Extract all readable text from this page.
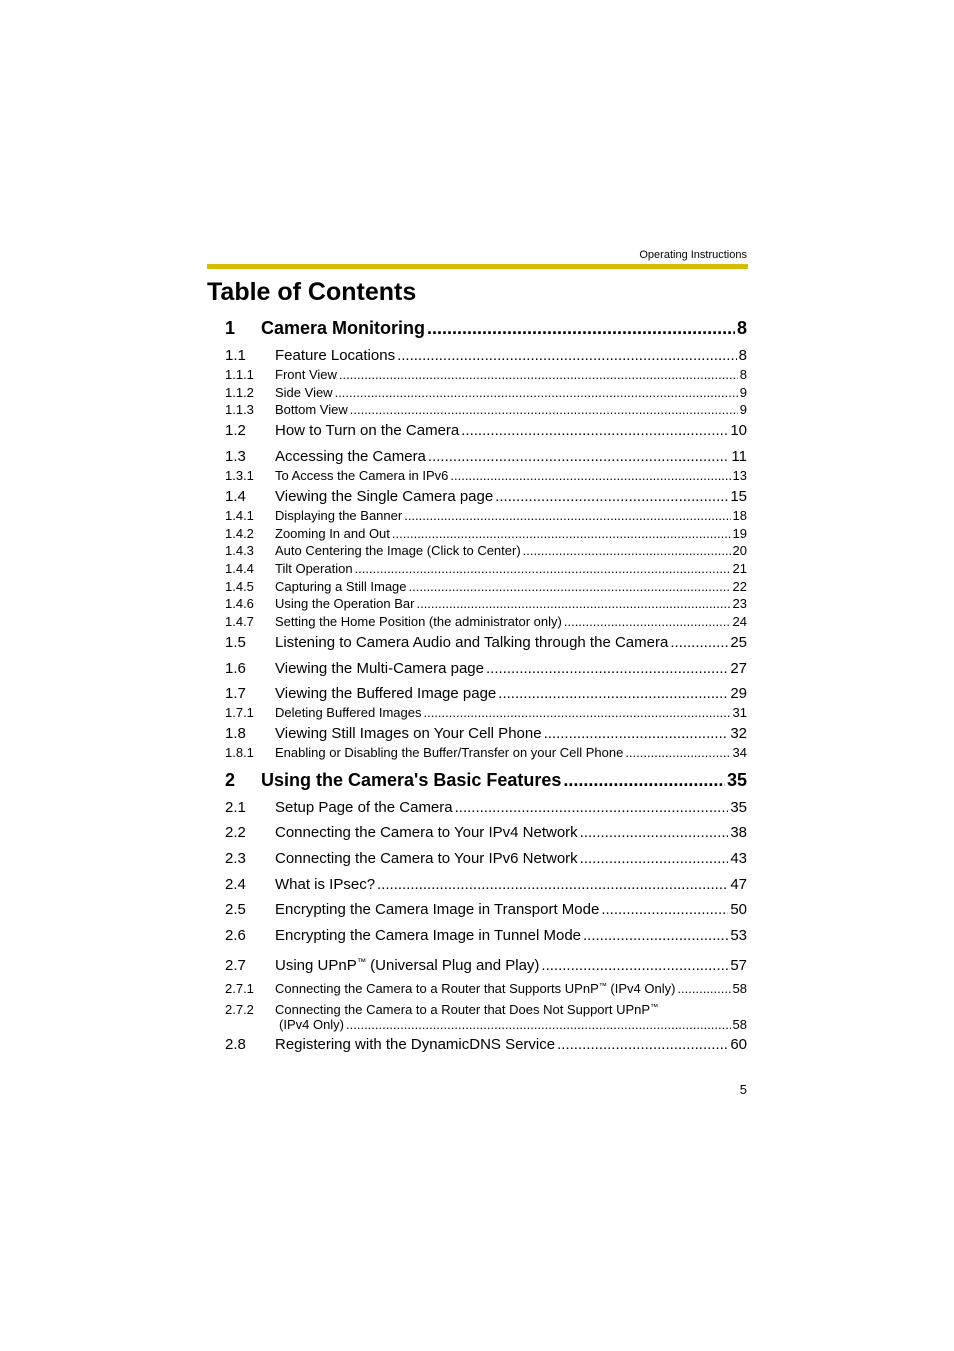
Operating Instructions
Table of Contents
1	Camera Monitoring .....	8
1.1	Feature Locations .....	8
1.1.1	Front View .....	8
1.1.2	Side View .....	9
1.1.3	Bottom View .....	9
1.2	How to Turn on the Camera .....	10
1.3	Accessing the Camera .....	11
1.3.1	To Access the Camera in IPv6 .....	13
1.4	Viewing the Single Camera page .....	15
1.4.1	Displaying the Banner .....	18
1.4.2	Zooming In and Out .....	19
1.4.3	Auto Centering the Image (Click to Center) .....	20
1.4.4	Tilt Operation .....	21
1.4.5	Capturing a Still Image .....	22
1.4.6	Using the Operation Bar .....	23
1.4.7	Setting the Home Position (the administrator only) .....	24
1.5	Listening to Camera Audio and Talking through the Camera .....	25
1.6	Viewing the Multi-Camera page .....	27
1.7	Viewing the Buffered Image page .....	29
1.7.1	Deleting Buffered Images .....	31
1.8	Viewing Still Images on Your Cell Phone .....	32
1.8.1	Enabling or Disabling the Buffer/Transfer on your Cell Phone .....	34
2	Using the Camera's Basic Features .....	35
2.1	Setup Page of the Camera .....	35
2.2	Connecting the Camera to Your IPv4 Network .....	38
2.3	Connecting the Camera to Your IPv6 Network .....	43
2.4	What is IPsec? .....	47
2.5	Encrypting the Camera Image in Transport Mode .....	50
2.6	Encrypting the Camera Image in Tunnel Mode .....	53
2.7	Using UPnP™ (Universal Plug and Play) .....	57
2.7.1	Connecting the Camera to a Router that Supports UPnP™ (IPv4 Only) .....	58
2.7.2	Connecting the Camera to a Router that Does Not Support UPnP™
(IPv4 Only) .....	58
2.8	Registering with the DynamicDNS Service .....	60
5
